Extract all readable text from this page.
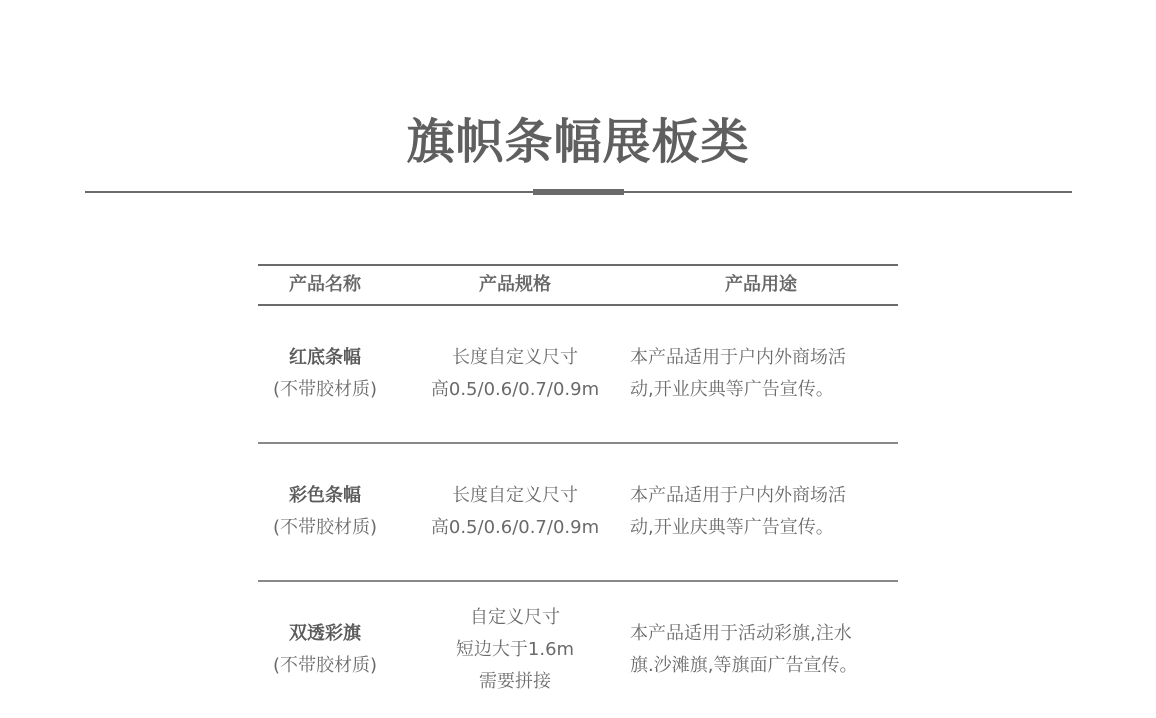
旗帜条幅展板类
产品名称	产品规格	产品用途
红底条幅
(不带胶材质)
长度自定义尺寸
高0.5/0.6/0.7/0.9m
本产品适用于户内外商场活
动,开业庆典等广告宣传。
彩色条幅
(不带胶材质)
长度自定义尺寸
高0.5/0.6/0.7/0.9m
本产品适用于户内外商场活
动,开业庆典等广告宣传。
双透彩旗
(不带胶材质)
自定义尺寸
短边大于1.6m
需要拼接
本产品适用于活动彩旗,注水
旗.沙滩旗,等旗面广告宣传。
